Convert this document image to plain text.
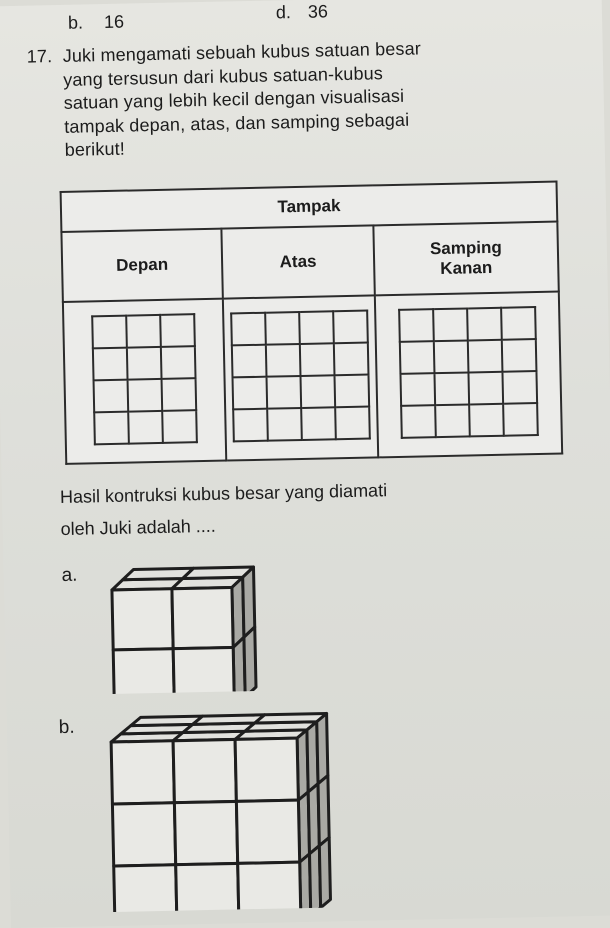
b. 16	d. 36
17. Juki mengamati sebuah kubus satuan besar
yang tersusun dari kubus satuan-kubus
satuan yang lebih kecil dengan visualisasi
tampak depan, atas, dan samping sebagai
berikut!
Tampak
Depan	Atas	Samping
Kanan

Hasil kontruksi kubus besar yang diamati
oleh Juki adalah ....
a.
b.
